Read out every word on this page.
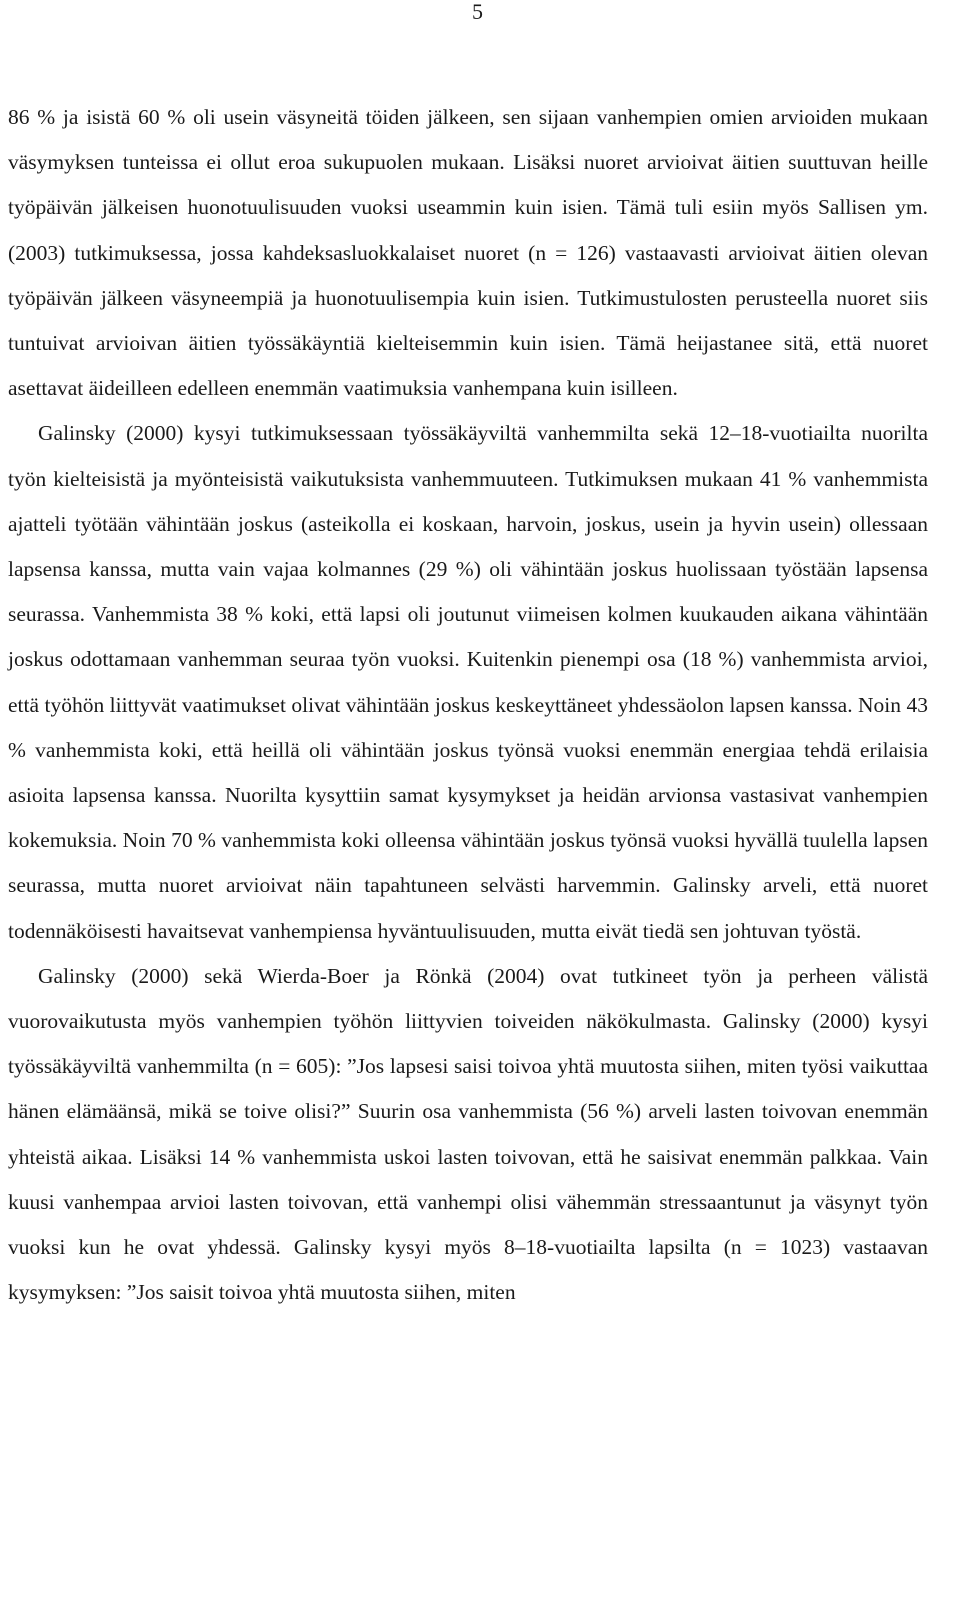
5

86 % ja isistä 60 % oli usein väsyneitä töiden jälkeen, sen sijaan vanhempien omien arvioiden mukaan väsymyksen tunteissa ei ollut eroa sukupuolen mukaan. Lisäksi nuoret arvioivat äitien suuttuvan heille työpäivän jälkeisen huonotuulisuuden vuoksi useammin kuin isien. Tämä tuli esiin myös Sallisen ym. (2003) tutkimuksessa, jossa kahdeksasluokkalaiset nuoret (n = 126) vastaavasti arvioivat äitien olevan työpäivän jälkeen väsyneempiä ja huonotuulisempia kuin isien. Tutkimustulosten perusteella nuoret siis tuntuivat arvioivan äitien työssäkäyntiä kielteisemmin kuin isien. Tämä heijastanee sitä, että nuoret asettavat äideilleen edelleen enemmän vaatimuksia vanhempana kuin isilleen.

Galinsky (2000) kysyi tutkimuksessaan työssäkäyviltä vanhemmilta sekä 12–18-vuotiailta nuorilta työn kielteisistä ja myönteisistä vaikutuksista vanhemmuuteen. Tutkimuksen mukaan 41 % vanhemmista ajatteli työtään vähintään joskus (asteikolla ei koskaan, harvoin, joskus, usein ja hyvin usein) ollessaan lapsensa kanssa, mutta vain vajaa kolmannes (29 %) oli vähintään joskus huolissaan työstään lapsensa seurassa. Vanhemmista 38 % koki, että lapsi oli joutunut viimeisen kolmen kuukauden aikana vähintään joskus odottamaan vanhemman seuraa työn vuoksi. Kuitenkin pienempi osa (18 %) vanhemmista arvioi, että työhön liittyvät vaatimukset olivat vähintään joskus keskeyttäneet yhdessäolon lapsen kanssa. Noin 43 % vanhemmista koki, että heillä oli vähintään joskus työnsä vuoksi enemmän energiaa tehdä erilaisia asioita lapsensa kanssa. Nuorilta kysyttiin samat kysymykset ja heidän arvionsa vastasivat vanhempien kokemuksia. Noin 70 % vanhemmista koki olleensa vähintään joskus työnsä vuoksi hyvällä tuulella lapsen seurassa, mutta nuoret arvioivat näin tapahtuneen selvästi harvemmin. Galinsky arveli, että nuoret todennäköisesti havaitsevat vanhempiensa hyväntuulisuuden, mutta eivät tiedä sen johtuvan työstä.

Galinsky (2000) sekä Wierda-Boer ja Rönkä (2004) ovat tutkineet työn ja perheen välistä vuorovaikutusta myös vanhempien työhön liittyvien toiveiden näkökulmasta. Galinsky (2000) kysyi työssäkäyviltä vanhemmilta (n = 605): ”Jos lapsesi saisi toivoa yhtä muutosta siihen, miten työsi vaikuttaa hänen elämäänsä, mikä se toive olisi?” Suurin osa vanhemmista (56 %) arveli lasten toivovan enemmän yhteistä aikaa. Lisäksi 14 % vanhemmista uskoi lasten toivovan, että he saisivat enemmän palkkaa. Vain kuusi vanhempaa arvioi lasten toivovan, että vanhempi olisi vähemmän stressaantunut ja väsynyt työn vuoksi kun he ovat yhdessä. Galinsky kysyi myös 8–18-vuotiailta lapsilta (n = 1023) vastaavan kysymyksen: ”Jos saisit toivoa yhtä muutosta siihen, miten
